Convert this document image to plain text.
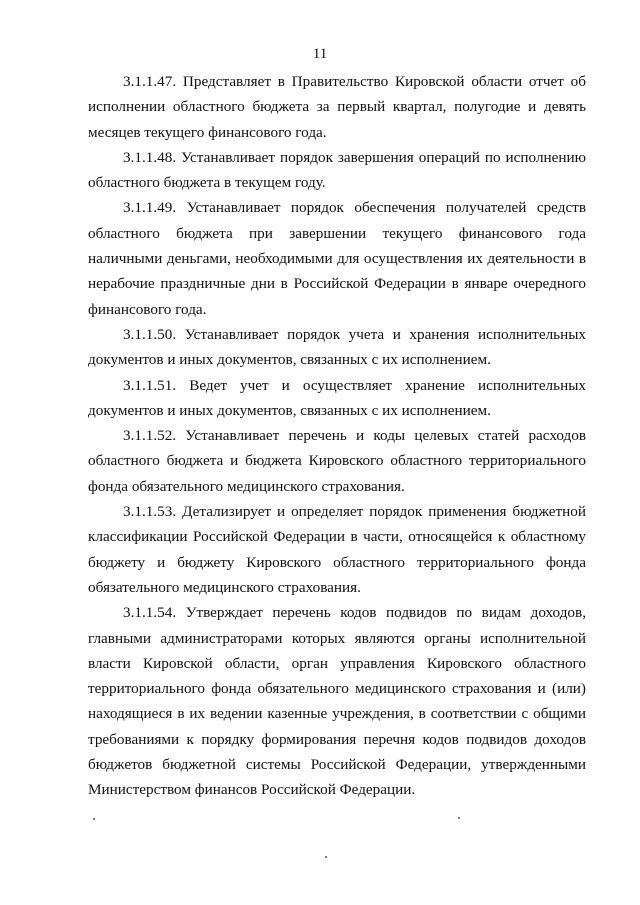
11

3.1.1.47. Представляет в Правительство Кировской области отчет об исполнении областного бюджета за первый квартал, полугодие и девять месяцев текущего финансового года.

3.1.1.48. Устанавливает порядок завершения операций по исполнению областного бюджета в текущем году.

3.1.1.49. Устанавливает порядок обеспечения получателей средств областного бюджета при завершении текущего финансового года наличными деньгами, необходимыми для осуществления их деятельности в нерабочие праздничные дни в Российской Федерации в январе очередного финансового года.

3.1.1.50. Устанавливает порядок учета и хранения исполнительных документов и иных документов, связанных с их исполнением.

3.1.1.51. Ведет учет и осуществляет хранение исполнительных документов и иных документов, связанных с их исполнением.

3.1.1.52. Устанавливает перечень и коды целевых статей расходов областного бюджета и бюджета Кировского областного территориального фонда обязательного медицинского страхования.

3.1.1.53. Детализирует и определяет порядок применения бюджетной классификации Российской Федерации в части, относящейся к областному бюджету и бюджету Кировского областного территориального фонда обязательного медицинского страхования.

3.1.1.54. Утверждает перечень кодов подвидов по видам доходов, главными администраторами которых являются органы исполнительной власти Кировской области, орган управления Кировского областного территориального фонда обязательного медицинского страхования и (или) находящиеся в их ведении казенные учреждения, в соответствии с общими требованиями к порядку формирования перечня кодов подвидов доходов бюджетов бюджетной системы Российской Федерации, утвержденными Министерством финансов Российской Федерации.
